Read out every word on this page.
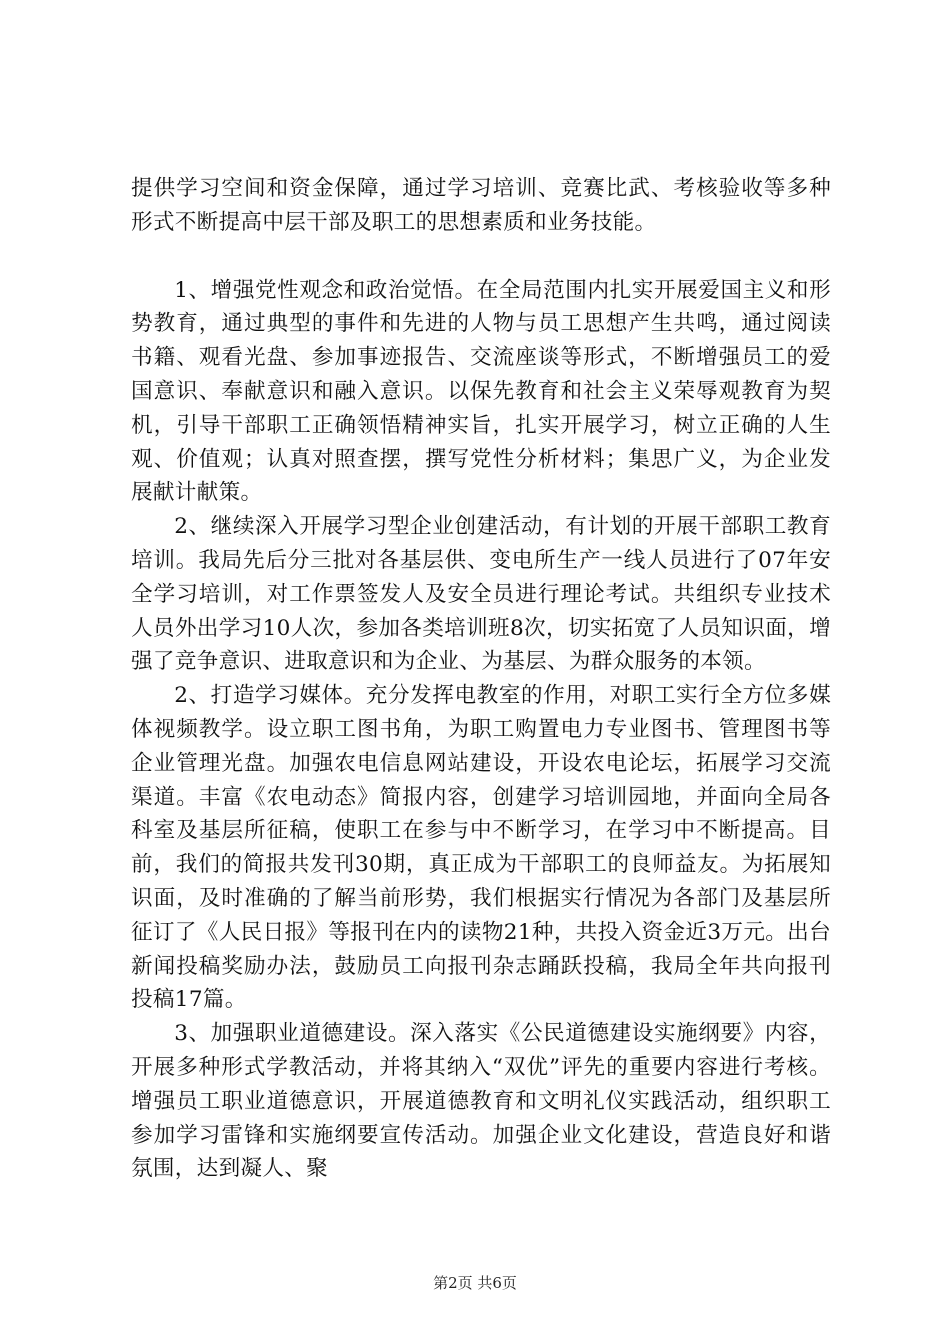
提供学习空间和资金保障，通过学习培训、竞赛比武、考核验收等多种形式不断提高中层干部及职工的思想素质和业务技能。

1、增强党性观念和政治觉悟。在全局范围内扎实开展爱国主义和形势教育，通过典型的事件和先进的人物与员工思想产生共鸣，通过阅读书籍、观看光盘、参加事迹报告、交流座谈等形式，不断增强员工的爱国意识、奉献意识和融入意识。以保先教育和社会主义荣辱观教育为契机，引导干部职工正确领悟精神实旨，扎实开展学习，树立正确的人生观、价值观；认真对照查摆，撰写党性分析材料；集思广义，为企业发展献计献策。

2、继续深入开展学习型企业创建活动，有计划的开展干部职工教育培训。我局先后分三批对各基层供、变电所生产一线人员进行了07年安全学习培训，对工作票签发人及安全员进行理论考试。共组织专业技术人员外出学习10人次，参加各类培训班8次，切实拓宽了人员知识面，增强了竞争意识、进取意识和为企业、为基层、为群众服务的本领。

2、打造学习媒体。充分发挥电教室的作用，对职工实行全方位多媒体视频教学。设立职工图书角，为职工购置电力专业图书、管理图书等企业管理光盘。加强农电信息网站建设，开设农电论坛，拓展学习交流渠道。丰富《农电动态》简报内容，创建学习培训园地，并面向全局各科室及基层所征稿，使职工在参与中不断学习，在学习中不断提高。目前，我们的简报共发刊30期，真正成为干部职工的良师益友。为拓展知识面，及时准确的了解当前形势，我们根据实行情况为各部门及基层所征订了《人民日报》等报刊在内的读物21种，共投入资金近3万元。出台新闻投稿奖励办法，鼓励员工向报刊杂志踊跃投稿，我局全年共向报刊投稿17篇。

3、加强职业道德建设。深入落实《公民道德建设实施纲要》内容，开展多种形式学教活动，并将其纳入“双优”评先的重要内容进行考核。增强员工职业道德意识，开展道德教育和文明礼仪实践活动，组织职工参加学习雷锋和实施纲要宣传活动。加强企业文化建设，营造良好和谐氛围，达到凝人、聚

第2页 共6页
